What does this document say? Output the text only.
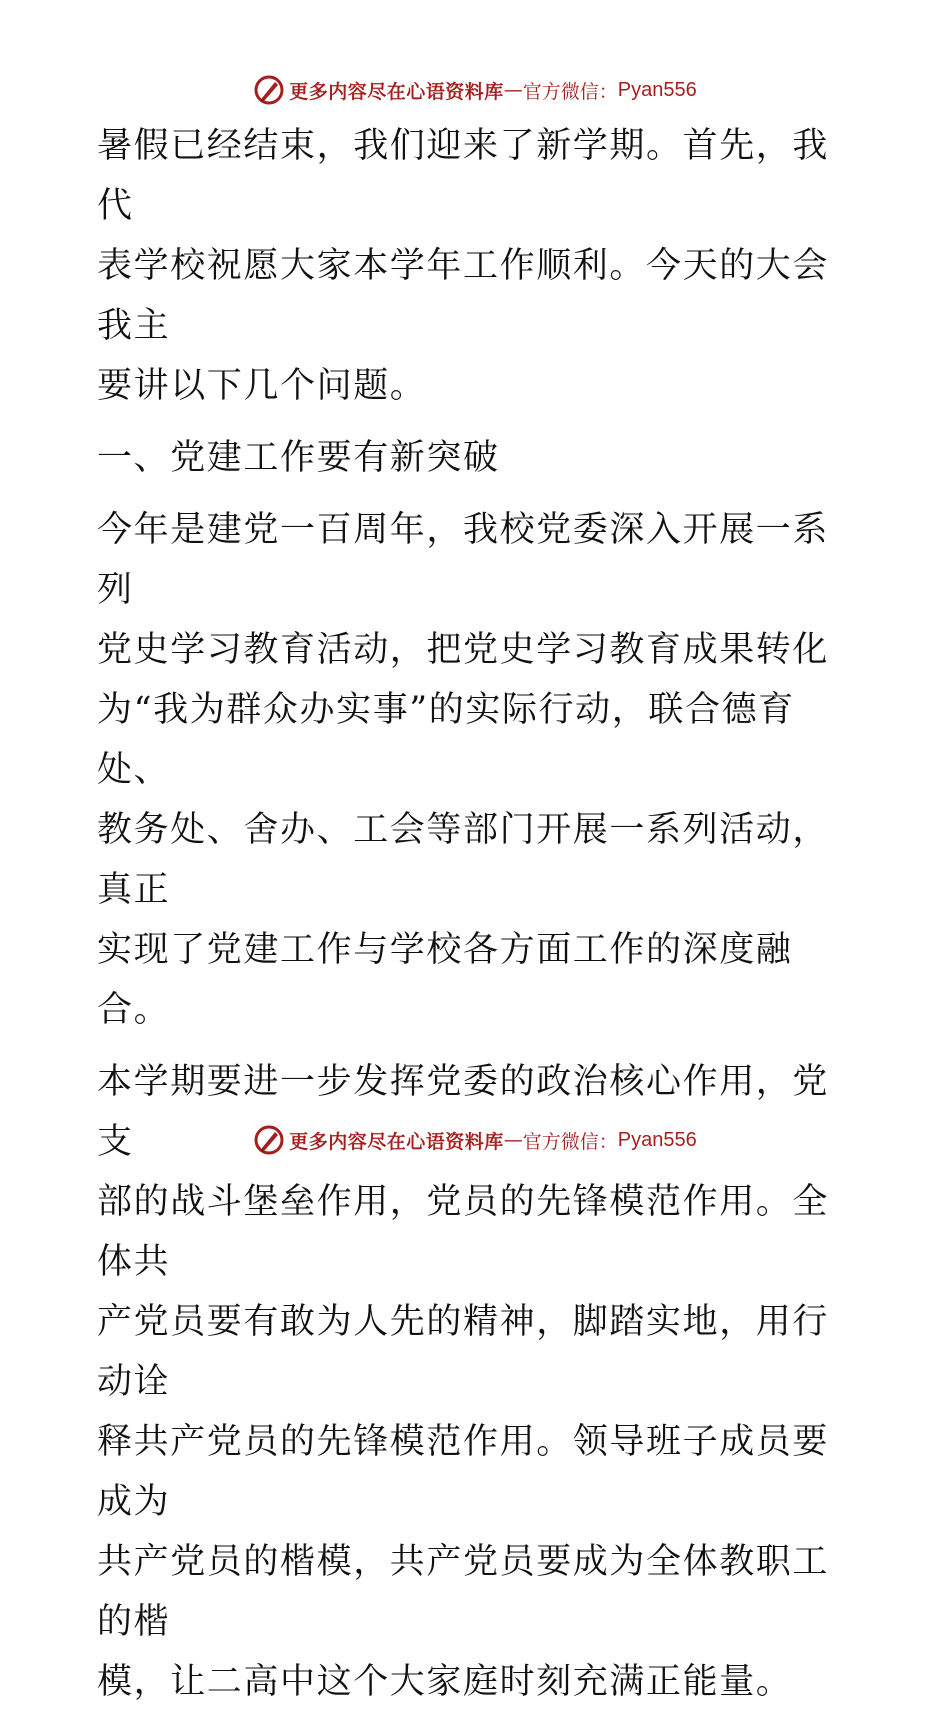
更多内容尽在心语资料库 — 官方微信： Pyan556

暑假已经结束，我们迎来了新学期。首先，我代
表学校祝愿大家本学年工作顺利。今天的大会我主
要讲以下几个问题。

一、党建工作要有新突破

今年是建党一百周年，我校党委深入开展一系列
党史学习教育活动，把党史学习教育成果转化
为“我为群众办实事”的实际行动，联合德育处、
教务处、舍办、工会等部门开展一系列活动，真正
实现了党建工作与学校各方面工作的深度融合。

本学期要进一步发挥党委的政治核心作用，党支
部的战斗堡垒作用，党员的先锋模范作用。全体共
产党员要有敢为人先的精神，脚踏实地，用行动诠
释共产党员的先锋模范作用。领导班子成员要成为
共产党员的楷模，共产党员要成为全体教职工的楷
模，让二高中这个大家庭时刻充满正能量。

更多内容尽在心语资料库 — 官方微信： Pyan556
